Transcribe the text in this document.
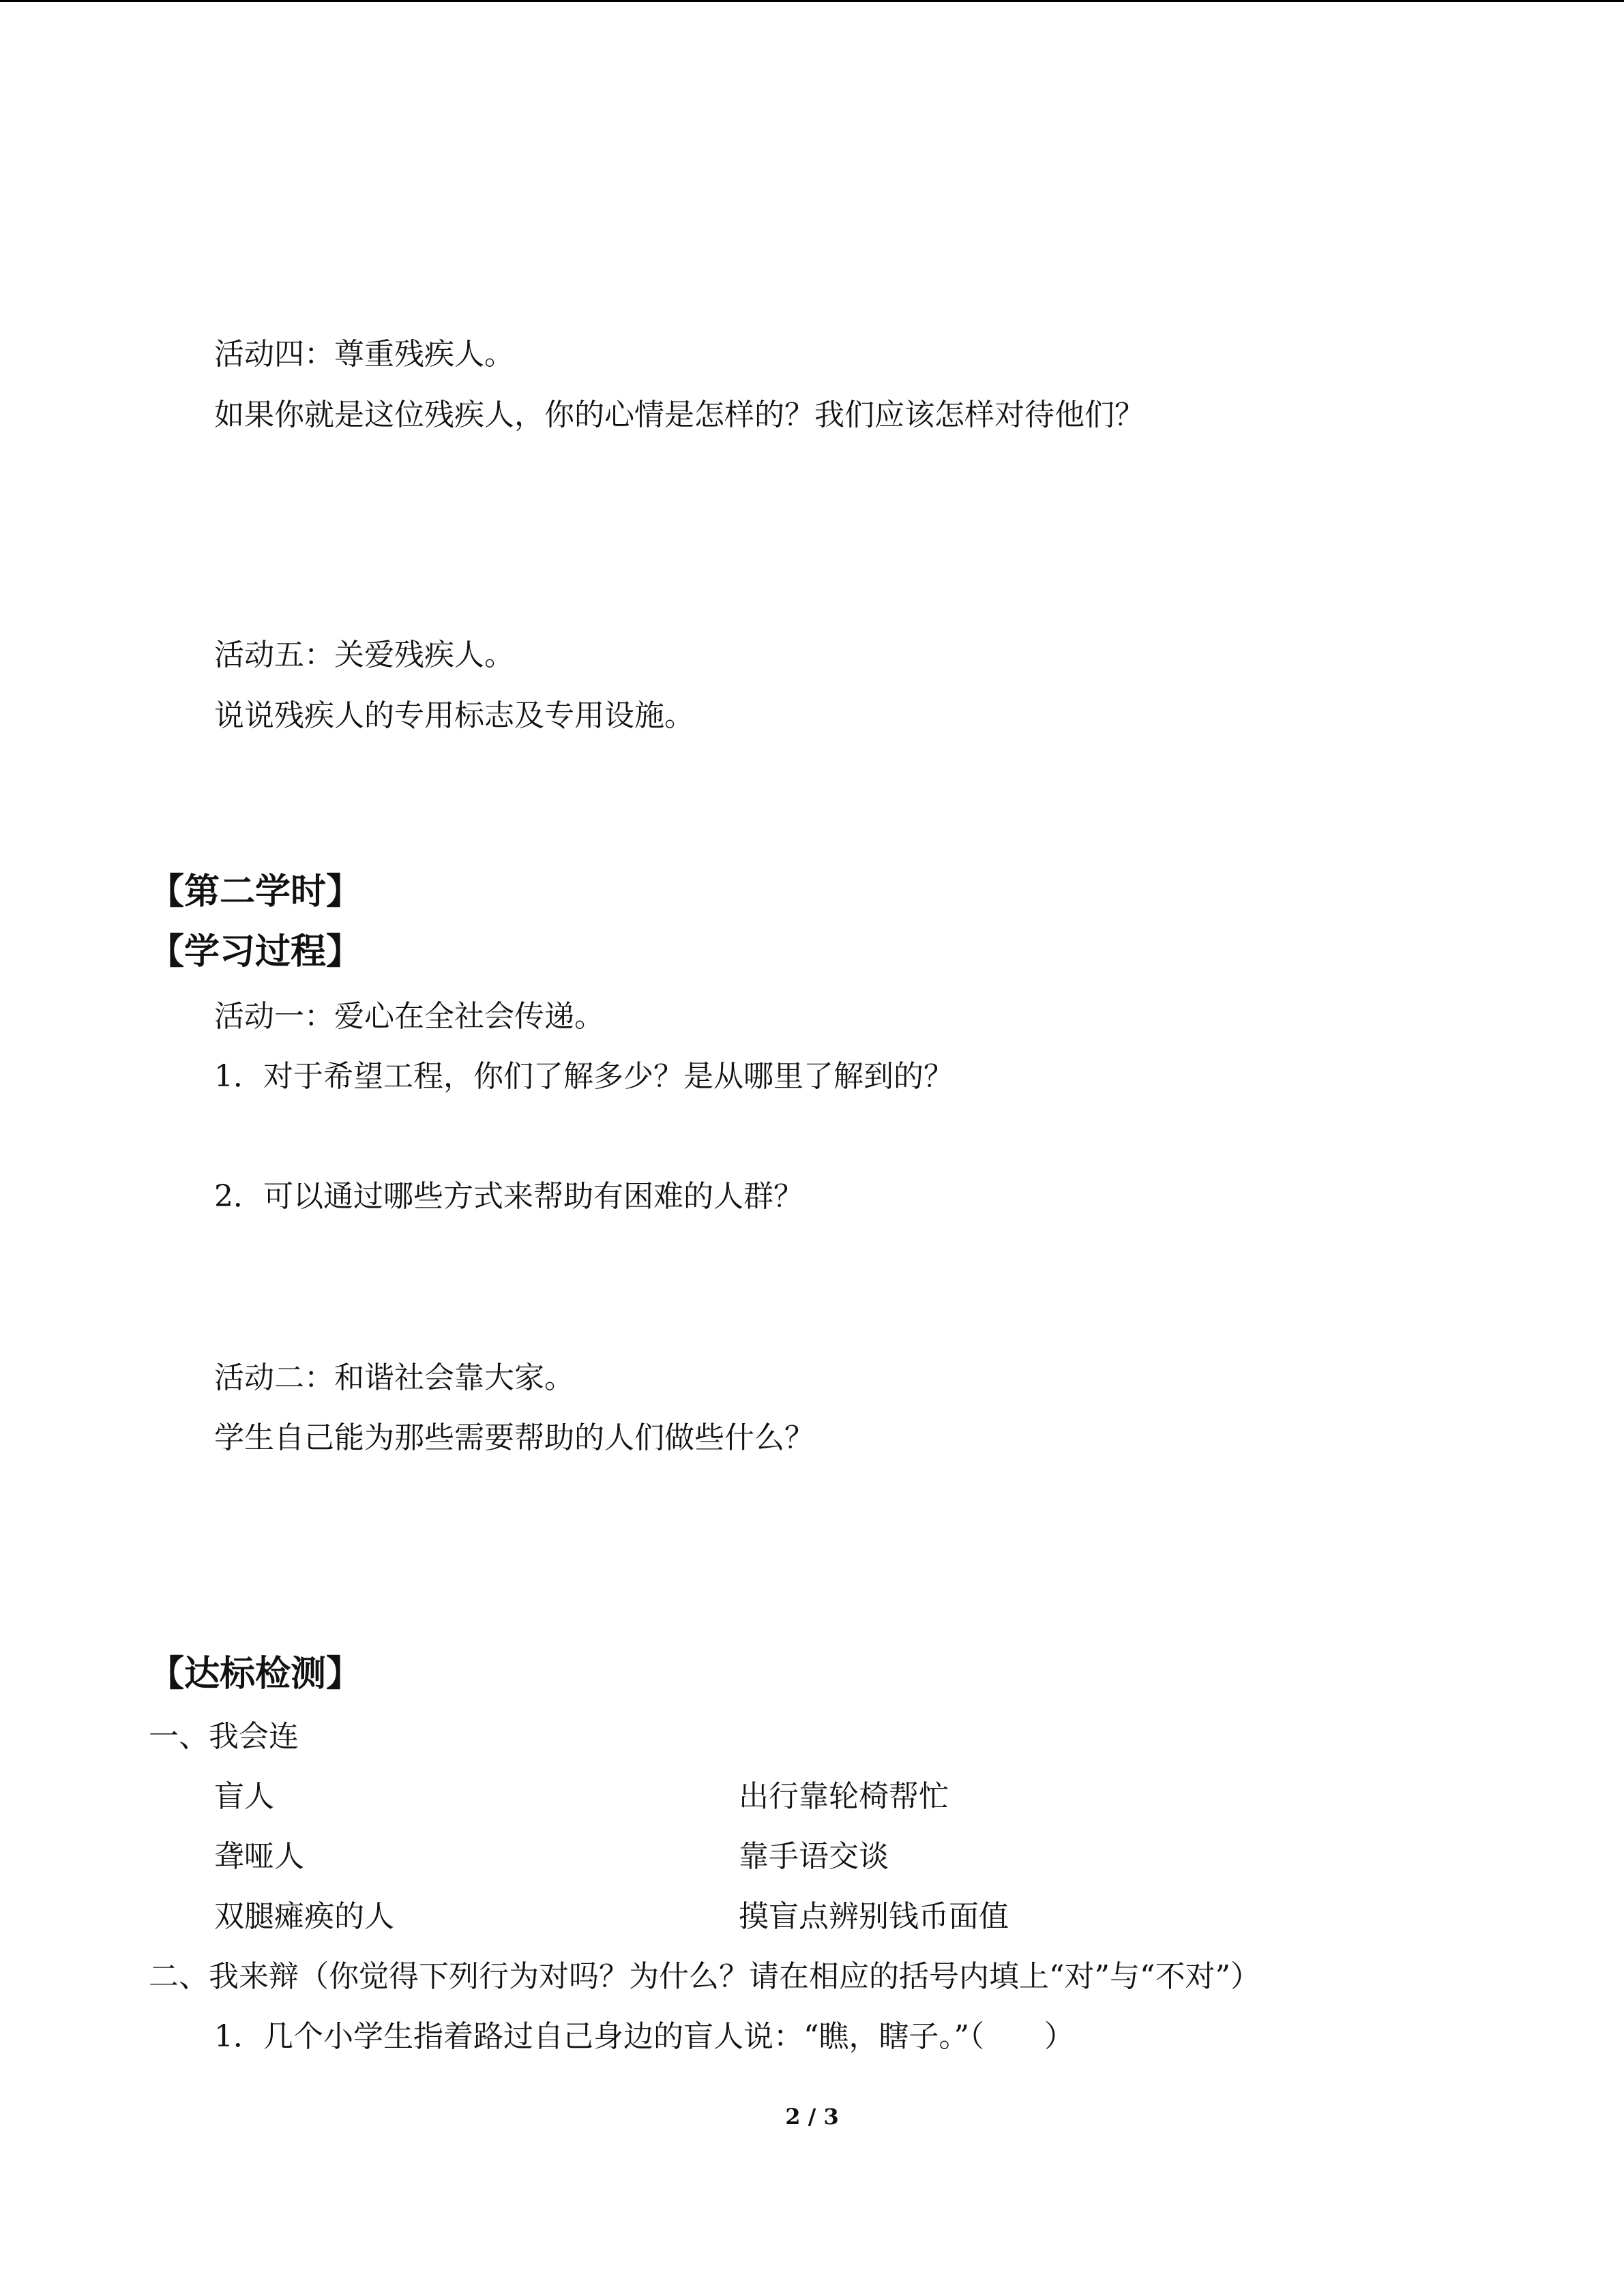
活动四：尊重残疾人。
如果你就是这位残疾人，你的心情是怎样的？我们应该怎样对待他们？
活动五：关爱残疾人。
说说残疾人的专用标志及专用设施。
【第二学时】
【学习过程】
活动一：爱心在全社会传递。
1．对于希望工程，你们了解多少？是从哪里了解到的？
2．可以通过哪些方式来帮助有困难的人群？
活动二：和谐社会靠大家。
学生自己能为那些需要帮助的人们做些什么？
【达标检测】
一、我会连
盲人	出行靠轮椅帮忙
聋哑人	靠手语交谈
双腿瘫痪的人	摸盲点辨别钱币面值
二、我来辩（你觉得下列行为对吗？为什么？请在相应的括号内填上“对”与“不对”）
1．几个小学生指着路过自己身边的盲人说：“瞧，瞎子。”（　　）
2 / 3
